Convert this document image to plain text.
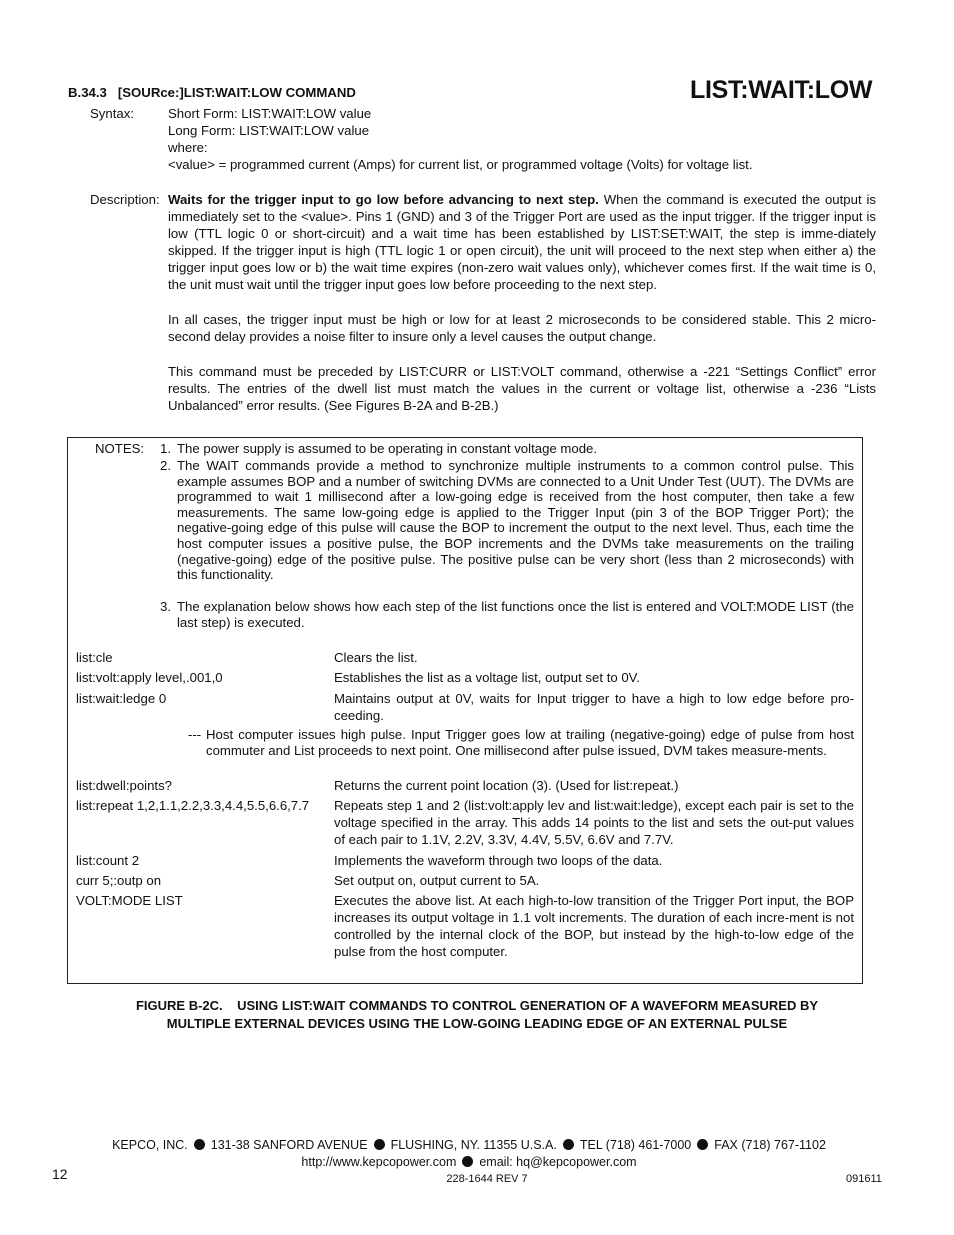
B.34.3 [SOURce:]LIST:WAIT:LOW COMMAND	LIST:WAIT:LOW
Syntax:	Short Form: LIST:WAIT:LOW value
Long Form: LIST:WAIT:LOW value
where:
<value> = programmed current (Amps) for current list, or programmed voltage (Volts) for voltage list.
Description: Waits for the trigger input to go low before advancing to next step. When the command is executed the output is immediately set to the <value>. Pins 1 (GND) and 3 of the Trigger Port are used as the input trigger. If the trigger input is low (TTL logic 0 or short-circuit) and a wait time has been established by LIST:SET:WAIT, the step is imme-diately skipped. If the trigger input is high (TTL logic 1 or open circuit), the unit will proceed to the next step when either a) the trigger input goes low or b) the wait time expires (non-zero wait values only), whichever comes first. If the wait time is 0, the unit must wait until the trigger input goes low before proceeding to the next step.
In all cases, the trigger input must be high or low for at least 2 microseconds to be considered stable. This 2 micro-second delay provides a noise filter to insure only a level causes the output change.
This command must be preceded by LIST:CURR or LIST:VOLT command, otherwise a -221 “Settings Conflict” error results. The entries of the dwell list must match the values in the current or voltage list, otherwise a -236 “Lists Unbalanced” error results. (See Figures B-2A and B-2B.)
NOTES: 1. The power supply is assumed to be operating in constant voltage mode.
2. The WAIT commands provide a method to synchronize multiple instruments to a common control pulse. This example assumes BOP and a number of switching DVMs are connected to a Unit Under Test (UUT). The DVMs are programmed to wait 1 millisecond after a low-going edge is received from the host computer, then take a few measurements. The same low-going edge is applied to the Trigger Input (pin 3 of the BOP Trigger Port); the negative-going edge of this pulse will cause the BOP to increment the output to the next level. Thus, each time the host computer issues a positive pulse, the BOP increments and the DVMs take measurements on the trailing (negative-going) edge of the positive pulse. The positive pulse can be very short (less than 2 microseconds) with this functionality.
3. The explanation below shows how each step of the list functions once the list is entered and VOLT:MODE LIST (the last step) is executed.
list:cle	Clears the list.
list:volt:apply level,.001,0	Establishes the list as a voltage list, output set to 0V.
list:wait:ledge 0	Maintains output at 0V, waits for Input trigger to have a high to low edge before pro-ceeding.
--- Host computer issues high pulse. Input Trigger goes low at trailing (negative-going) edge of pulse from host commuter and List proceeds to next point. One millisecond after pulse issued, DVM takes measure-ments.
list:dwell:points?	Returns the current point location (3). (Used for list:repeat.)
list:repeat 1,2,1.1,2.2,3.3,4.4,5.5,6.6,7.7 Repeats step 1 and 2 (list:volt:apply lev and list:wait:ledge), except each pair is set to the voltage specified in the array. This adds 14 points to the list and sets the out-put values of each pair to 1.1V, 2.2V, 3.3V, 4.4V, 5.5V, 6.6V and 7.7V.
list:count 2	Implements the waveform through two loops of the data.
curr 5;:outp on	Set output on, output current to 5A.
VOLT:MODE LIST	Executes the above list. At each high-to-low transition of the Trigger Port input, the BOP increases its output voltage in 1.1 volt increments. The duration of each incre-ment is not controlled by the internal clock of the BOP, but instead by the high-to-low edge of the pulse from the host computer.
FIGURE B-2C.    USING LIST:WAIT COMMANDS TO CONTROL GENERATION OF A WAVEFORM MEASURED BY
MULTIPLE EXTERNAL DEVICES USING THE LOW-GOING LEADING EDGE OF AN EXTERNAL PULSE
KEPCO, INC. 131-38 SANFORD AVENUE FLUSHING, NY. 11355 U.S.A. TEL (718) 461-7000 FAX (718) 767-1102
http://www.kepcopower.com email: hq@kepcopower.com
12	228-1644 REV 7	091611
